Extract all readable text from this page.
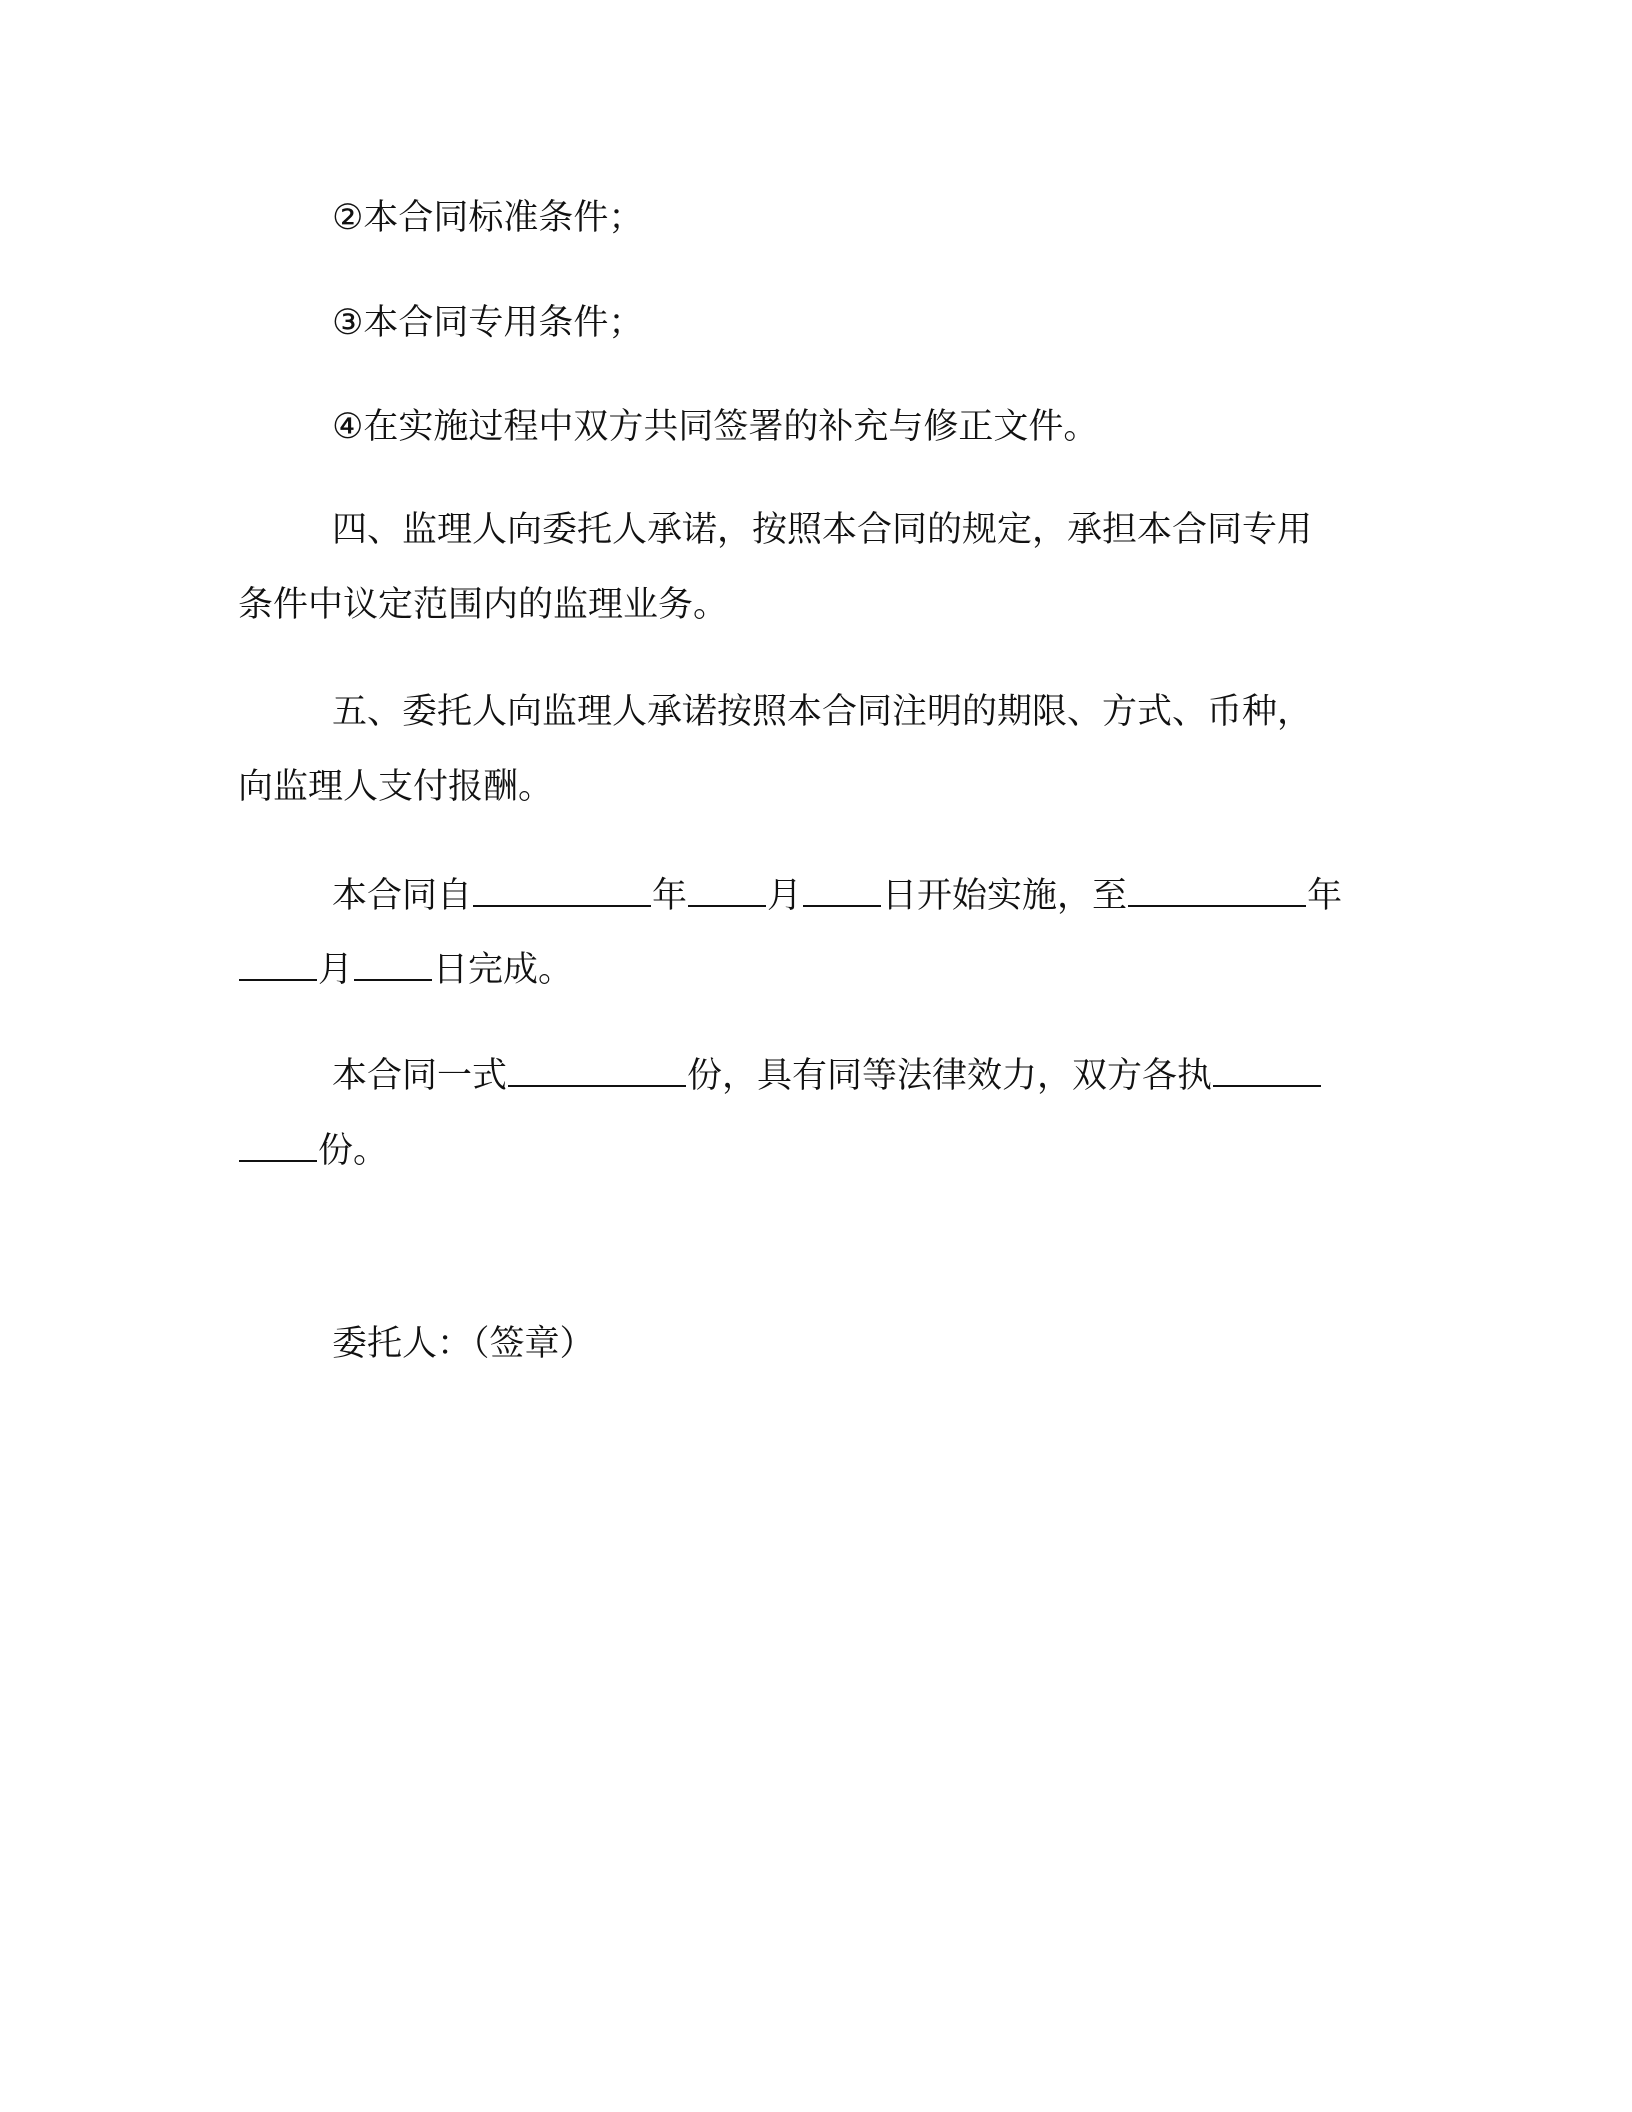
②本合同标准条件；
③本合同专用条件；
④在实施过程中双方共同签署的补充与修正文件。
四、监理人向委托人承诺，按照本合同的规定，承担本合同专用
条件中议定范围内的监理业务。
五、委托人向监理人承诺按照本合同注明的期限、方式、币种，
向监理人支付报酬。
本合同自	年 月 日开始实施，至	年
月 日完成。
本合同一式	份，具有同等法律效力，双方各执
份。
委托人：（签章）
